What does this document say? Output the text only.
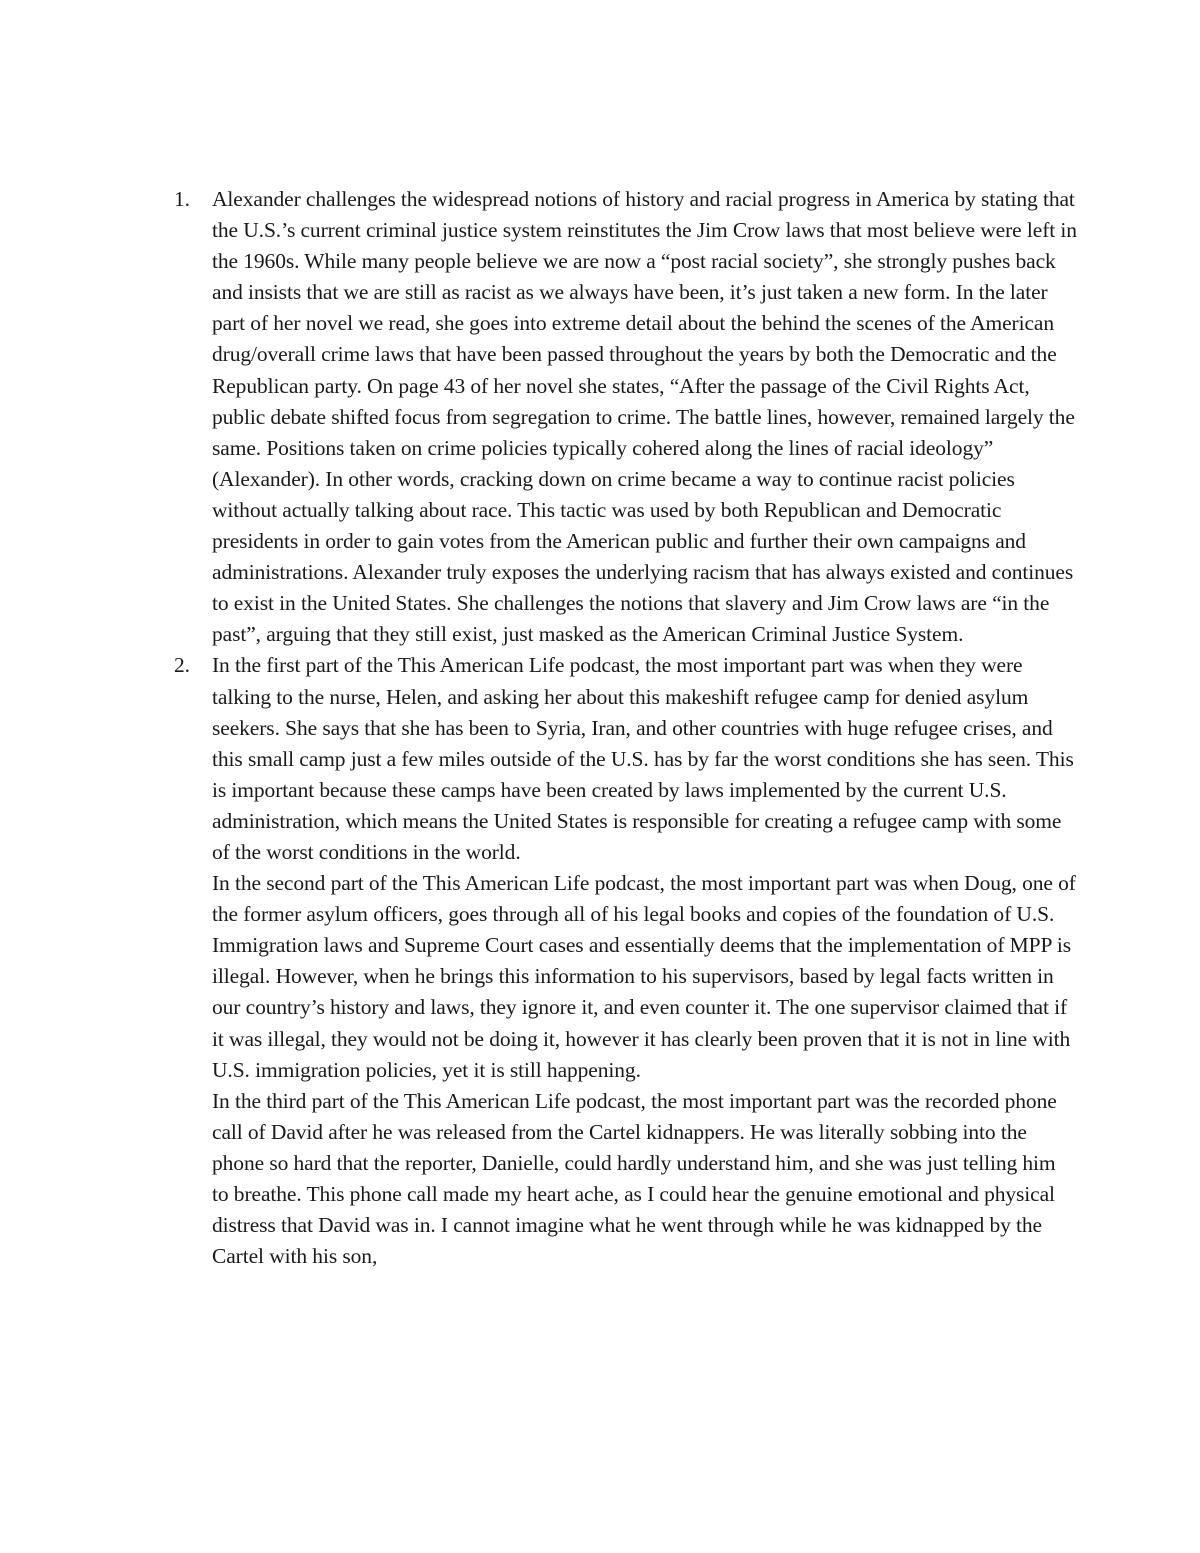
1. Alexander challenges the widespread notions of history and racial progress in America by stating that the U.S.’s current criminal justice system reinstitutes the Jim Crow laws that most believe were left in the 1960s. While many people believe we are now a “post racial society”, she strongly pushes back and insists that we are still as racist as we always have been, it’s just taken a new form. In the later part of her novel we read, she goes into extreme detail about the behind the scenes of the American drug/overall crime laws that have been passed throughout the years by both the Democratic and the Republican party. On page 43 of her novel she states, “After the passage of the Civil Rights Act, public debate shifted focus from segregation to crime. The battle lines, however, remained largely the same. Positions taken on crime policies typically cohered along the lines of racial ideology” (Alexander). In other words, cracking down on crime became a way to continue racist policies without actually talking about race. This tactic was used by both Republican and Democratic presidents in order to gain votes from the American public and further their own campaigns and administrations. Alexander truly exposes the underlying racism that has always existed and continues to exist in the United States. She challenges the notions that slavery and Jim Crow laws are “in the past”, arguing that they still exist, just masked as the American Criminal Justice System.

2. In the first part of the This American Life podcast, the most important part was when they were talking to the nurse, Helen, and asking her about this makeshift refugee camp for denied asylum seekers. She says that she has been to Syria, Iran, and other countries with huge refugee crises, and this small camp just a few miles outside of the U.S. has by far the worst conditions she has seen. This is important because these camps have been created by laws implemented by the current U.S. administration, which means the United States is responsible for creating a refugee camp with some of the worst conditions in the world.

In the second part of the This American Life podcast, the most important part was when Doug, one of the former asylum officers, goes through all of his legal books and copies of the foundation of U.S. Immigration laws and Supreme Court cases and essentially deems that the implementation of MPP is illegal. However, when he brings this information to his supervisors, based by legal facts written in our country’s history and laws, they ignore it, and even counter it. The one supervisor claimed that if it was illegal, they would not be doing it, however it has clearly been proven that it is not in line with U.S. immigration policies, yet it is still happening.

In the third part of the This American Life podcast, the most important part was the recorded phone call of David after he was released from the Cartel kidnappers. He was literally sobbing into the phone so hard that the reporter, Danielle, could hardly understand him, and she was just telling him to breathe. This phone call made my heart ache, as I could hear the genuine emotional and physical distress that David was in. I cannot imagine what he went through while he was kidnapped by the Cartel with his son,
